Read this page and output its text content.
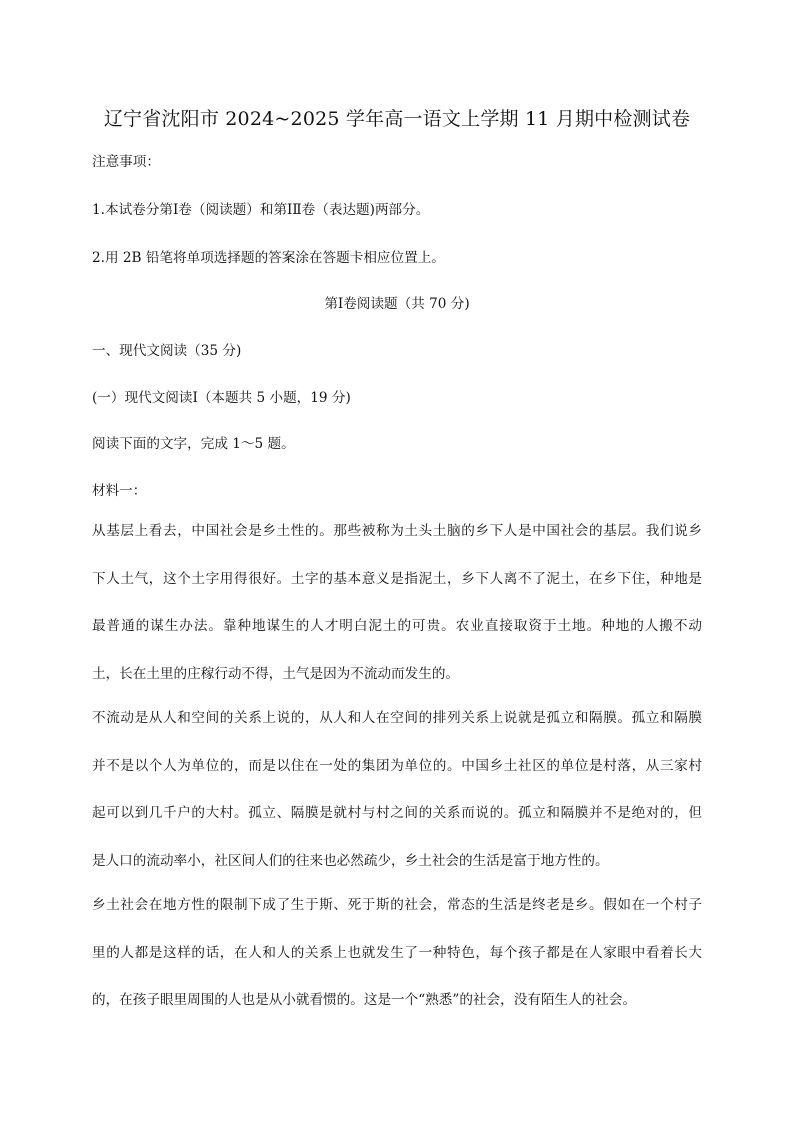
辽宁省沈阳市 2024~2025 学年高一语文上学期 11 月期中检测试卷
注意事项：
1.本试卷分第Ⅰ卷（阅读题）和第ⅠⅡ卷（表达题)两部分。
2.用 2B 铅笔将单项选择题的答案涂在答题卡相应位置上。
第Ⅰ卷阅读题（共 70 分)
一、现代文阅读（35 分)
(一）现代文阅读Ⅰ（本题共 5 小题，19 分)
阅读下面的文字，完成 1～5 题。
材料一：
从基层上看去，中国社会是乡土性的。那些被称为土头土脑的乡下人是中国社会的基层。我们说乡
下人土气，这个土字用得很好。土字的基本意义是指泥土，乡下人离不了泥土，在乡下住，种地是
最普通的谋生办法。靠种地谋生的人才明白泥土的可贵。农业直接取资于土地。种地的人搬不动
土，长在土里的庄稼行动不得，土气是因为不流动而发生的。
不流动是从人和空间的关系上说的，从人和人在空间的排列关系上说就是孤立和隔膜。孤立和隔膜
并不是以个人为单位的，而是以住在一处的集团为单位的。中国乡土社区的单位是村落，从三家村
起可以到几千户的大村。孤立、隔膜是就村与村之间的关系而说的。孤立和隔膜并不是绝对的，但
是人口的流动率小，社区间人们的往来也必然疏少，乡土社会的生活是富于地方性的。
乡土社会在地方性的限制下成了生于斯、死于斯的社会，常态的生活是终老是乡。假如在一个村子
里的人都是这样的话，在人和人的关系上也就发生了一种特色，每个孩子都是在人家眼中看着长大
的，在孩子眼里周围的人也是从小就看惯的。这是一个“熟悉”的社会，没有陌生人的社会。
